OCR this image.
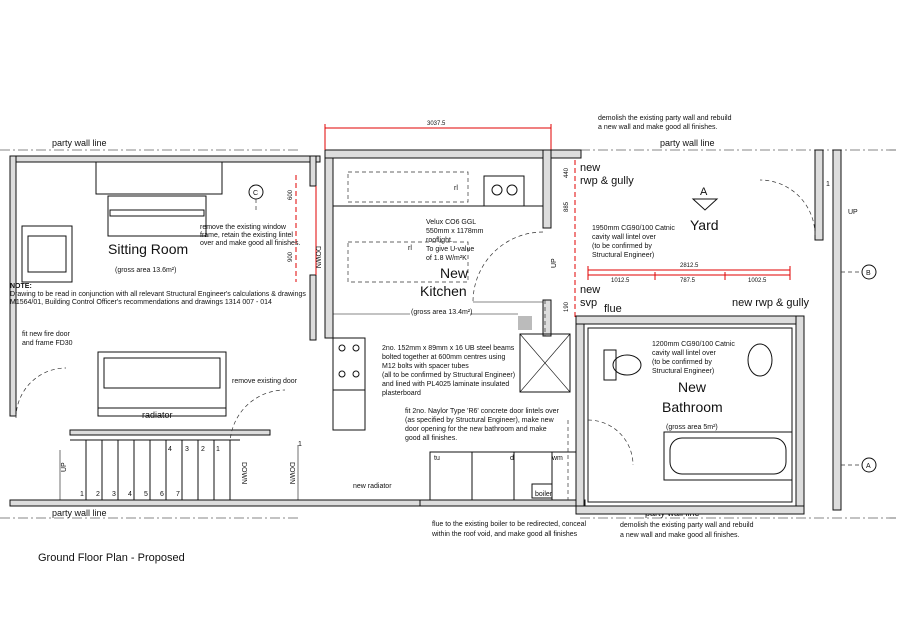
party wall line	party wall line
party wall line
Sitting Room
(gross area 13.6m²)
C
remove the existing window
frame, retain the existing lintel
over and make good all finishes.
600
900	DOWN
NOTE:
Drawing to be read in conjunction with all relevant Structural Engineer's calculations & drawings
M1564/01, Building Control Officer's recommendations and drawings 1314 007 - 014
fit new fire door
and frame FD30
remove existing door
radiator
1 2 3 4 5 6 7
4 3 2 1
UP	DOWN	DOWN
1
new radiator
3037.5
rl
rl
Velux CO6 GGL
550mm x 1178mm
rooflight.
To give U-value
of 1.8 W/m²K
New
Kitchen
(gross area 13.4m²)
2no. 152mm x 89mm x 16 UB steel beams
bolted together at 600mm centres using
M12 bolts with spacer tubes
(all to be confirmed by Structural Engineer)
and lined with PL4025 laminate insulated
plasterboard
fit 2no. Naylor Type 'R6' concrete door lintels over
(as specified by Structural Engineer), make new
door opening for the new bathroom and make
good all finishes.
tu	d	wm
boiler
flue to the existing boiler to be redirected, conceal
within the roof void, and make good all finishes
1
UP
demolish the existing party wall and rebuild
a new wall and make good all finishes.
440
885
190
2812.5
1012.5	787.5	1002.5
new
rwp & gully
A
Yard
1950mm CG90/100 Catnic
cavity wall lintel over
(to be confirmed by
Structural Engineer)
UP
new
svp flue	new rwp & gully
B
A
1200mm CG90/100 Catnic
cavity wall lintel over
(to be confirmed by
Structural Engineer)
New
Bathroom
(gross area 5m²)
demolish the existing party wall and rebuild
a new wall and make good all finishes.
Ground Floor Plan - Proposed
